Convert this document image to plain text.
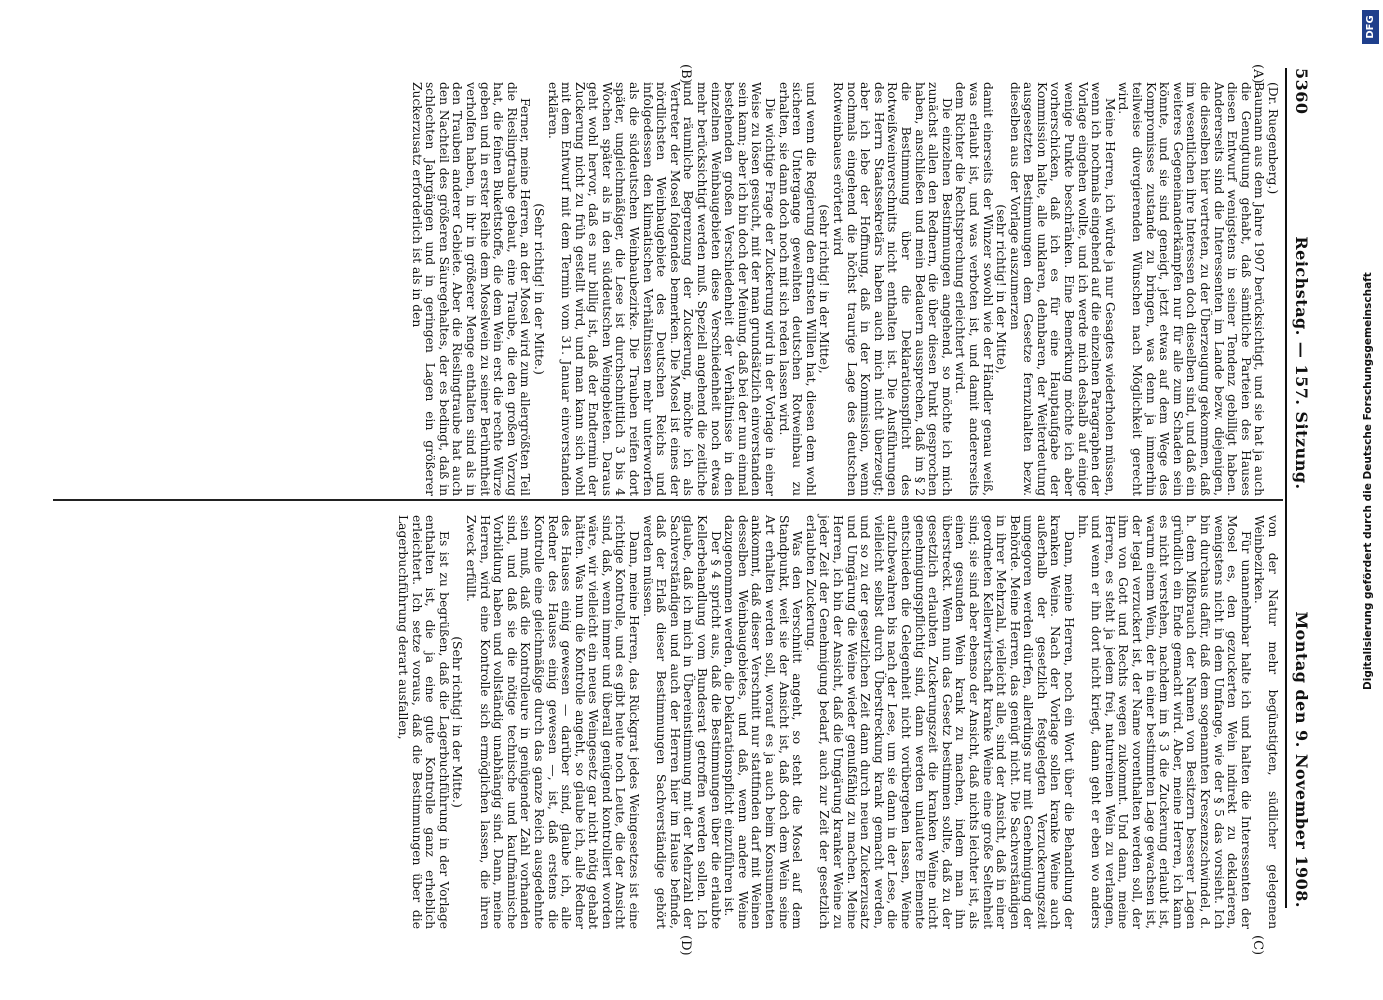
5360
Reichstag. — 157. Sitzung.
Montag den 9. November 1908.
(A)
(B)
(C)
(D)

(Dr. Ruegenberg.)

Baumann aus dem Jahre 1907 berücksichtigt, und sie hat ja auch die Genugtuung gehabt, daß sämtliche Parteien des Hauses diesen Entwurf wenigstens in seiner Tendenz gebilligt haben. Andererseits sind die Interessenten im Lande bezw. diejenigen, die dieselben hier vertreten, zu der Überzeugung gekommen, daß im wesentlichen ihre Interessen doch dieselben sind, und daß ein weiteres Gegeneinanderkämpfen nur für alle zum Schaden sein könnte, und sie sind geneigt, jetzt etwas auf dem Wege des Kompromisses zustande zu bringen, was denn ja immerhin teilweise divergierenden Wünschen nach Möglichkeit gerecht wird.

Meine Herren, ich würde ja nur Gesagtes wiederholen müssen, wenn ich nochmals eingehend auf die einzelnen Paragraphen der Vorlage eingehen wollte, und ich werde mich deshalb auf einige wenige Punkte beschränken. Eine Bemerkung möchte ich aber vorherschicken, daß ich es für eine Hauptaufgabe der Kommission halte, alle unklaren, dehnbaren, der Weiterdeutung ausgesetzten Bestimmungen dem Gesetze fernzuhalten bezw. dieselben aus der Vorlage auszumerzen

(sehr richtig! in der Mitte),

damit einerseits der Winzer sowohl wie der Händler genau weiß, was erlaubt ist, und was verboten ist, und damit andererseits dem Richter die Rechtsprechung erleichtert wird.

Die einzelnen Bestimmungen angehend, so möchte ich mich zunächst allen den Rednern, die über diesen Punkt gesprochen haben, anschließen und mein Bedauern aussprechen, daß im § 2 die Bestimmung über die Deklarationspflicht des Rotweißweinverschnitts nicht enthalten ist. Die Ausführungen des Herrn Staatssekretärs haben auch mich nicht überzeugt; aber ich lebe der Hoffnung, daß in der Kommission, wenn nochmals eingehend die höchst traurige Lage des deutschen Rotweinbaues erörtert wird

(sehr richtig! in der Mitte),

und wenn die Regierung den ernsten Willen hat, diesen dem wohl sicheren Untergange geweihten deutschen Rotweinbau zu erhalten, sie dann doch noch mit sich reden lassen wird.

Die wichtige Frage der Zuckerung wird in der Vorlage in einer Weise zu lösen gesucht, mit der man grundsätzlich einverstanden sein kann; aber ich bin doch der Meinung, daß bei der nun einmal bestehenden großen Verschiedenheit der Verhältnisse in den einzelnen Weinbaugebieten diese Verschiedenheit noch etwas mehr berücksichtigt werden muß. Speziell angehend die zeitliche und räumliche Begrenzung der Zuckerung, möchte ich als Vertreter der Mosel folgendes bemerken. Die Mosel ist eines der nördlichsten Weinbaugebiete des Deutschen Reichs und infolgedessen den klimatischen Verhältnissen mehr unterworfen als die süddeutschen Weinbaubezirke. Die Trauben reifen dort später, ungleichmäßiger, die Lese ist durchschnittlich 3 bis 4 Wochen später als in den süddeutschen Weingebieten. Daraus geht wohl hervor, daß es nur billig ist, daß der Endtermin der Zuckerung nicht zu früh gestellt wird, und man kann sich wohl mit dem Entwurf mit dem Termin vom 31. Januar einverstanden erklären.

(Sehr richtig! in der Mitte.)

Ferner, meine Herren, an der Mosel wird zum allergrößten Teil die Rieslingtraube gebaut, eine Traube, die den großen Vorzug hat, die feinen Bukettstoffe, die dem Wein erst die rechte Würze geben und in erster Reihe dem Moselwein zu seiner Berühmtheit verholfen haben, in ihr in größerer Menge enthalten sind als in den Trauben anderer Gebiete. Aber die Rieslingtraube hat auch den Nachteil des größeren Säuregehaltes, der es bedingt, daß in schlechten Jahrgängen und in geringen Lagen ein größerer Zuckerzusatz erforderlich ist als in den

von der Natur mehr begünstigten, südlicher gelegenen Weinbezirken.

Für unannehmbar halte ich und halten die Interessenten der Mosel es, den gezuckerten Wein indirekt zu deklarieren, wenigstens nicht in dem Umfange, wie der § 5 das vorsieht. Ich bin durchaus dafür, daß dem sogenannten Kreszenzschwindel, d. h. dem Mißbrauch der Namen von Besitzern besserer Lagen gründlich ein Ende gemacht wird. Aber, meine Herren, ich kann es nicht verstehen, nachdem im § 3 die Zuckerung erlaubt ist, warum einem Wein, der in einer bestimmten Lage gewachsen ist, der legal verzuckert ist, der Name vorenthalten werden soll, der ihm von Gott und Rechts wegen zukommt. Und dann, meine Herren, es steht ja jedem frei, naturreinen Wein zu verlangen, und wenn er ihn dort nicht kriegt, dann geht er eben wo anders hin.

Dann, meine Herren, noch ein Wort über die Behandlung der kranken Weine. Nach der Vorlage sollen kranke Weine auch außerhalb der gesetzlich festgelegten Verzuckerungszeit umgegoren werden dürfen, allerdings nur mit Genehmigung der Behörde. Meine Herren, das genügt nicht. Die Sachverständigen in ihrer Mehrzahl, vielleicht alle, sind der Ansicht, daß in einer geordneten Kellerwirtschaft kranke Weine eine große Seltenheit sind; sie sind aber ebenso der Ansicht, daß nichts leichter ist, als einen gesunden Wein krank zu machen, indem man ihn überstreckt. Wenn nun das Gesetz bestimmen sollte, daß zu der gesetzlich erlaubten Zuckerungszeit die kranken Weine nicht genehmigungspflichtig sind, dann werden unlautere Elemente entschieden die Gelegenheit nicht vorübergehen lassen, Weine aufzubewahren bis nach der Lese, um sie dann in der Lese, die vielleicht selbst durch Überstreckung krank gemacht werden, und so zu der gesetzlichen Zeit dann durch neuen Zuckerzusatz und Umgärung die Weine wieder genußfähig zu machen. Meine Herren, ich bin der Ansicht, daß die Umgärung kranker Weine zu jeder Zeit der Genehmigung bedarf, auch zur Zeit der gesetzlich erlaubten Zuckerung.

Was den Verschnitt angeht, so steht die Mosel auf dem Standpunkt, weit sie der Ansicht ist, daß doch dem Wein seine Art erhalten werden soll, worauf es ja auch beim Konsumenten ankommt, daß dieser Verschnitt nur stattfinden darf mit Weinen desselben Weinbaugebietes, und daß, wenn andere Weine dazugenommen werden, die Deklarationspflicht einzuführen ist.

Der § 4 spricht aus, daß die Bestimmungen über die erlaubte Kellerbehandlung vom Bundesrat getroffen werden sollen. Ich glaube, daß ich mich in Übereinstimmung mit der Mehrzahl der Sachverständigen und auch der Herren hier im Hause befinde, daß der Erlaß dieser Bestimmungen Sachverständige gehört werden müssen.

Dann, meine Herren, das Rückgrat jedes Weingesetzes ist eine richtige Kontrolle, und es gibt heute noch Leute, die der Ansicht sind, daß, wenn immer und überall genügend kontrolliert worden wäre, wir vielleicht ein neues Weingesetz gar nicht nötig gehabt hätten. Was nun die Kontrolle angeht, so glaube ich, alle Redner des Hauses einig gewesen — darüber sind, glaube ich, alle Redner des Hauses einig gewesen —, ist, daß erstens die Kontrolle eine gleichmäßige durch das ganze Reich ausgedehnte sein muß, daß die Kontrolleure in genügender Zahl vorhanden sind, und daß sie die nötige technische und kaufmännische Vorbildung haben und vollständig unabhängig sind. Dann, meine Herren, wird eine Kontrolle sich ermöglichen lassen, die ihren Zweck erfüllt.

(Sehr richtig! in der Mitte.)

Es ist zu begrüßen, daß die Lagerbuchführung in der Vorlage enthalten ist, die ja eine gute Kontrolle ganz erheblich erleichtert. Ich setze voraus, daß die Bestimmungen über die Lagerbuchführung derart ausfallen,

DFG
Digitalisierung gefördert durch die Deutsche Forschungsgemeinschaft
